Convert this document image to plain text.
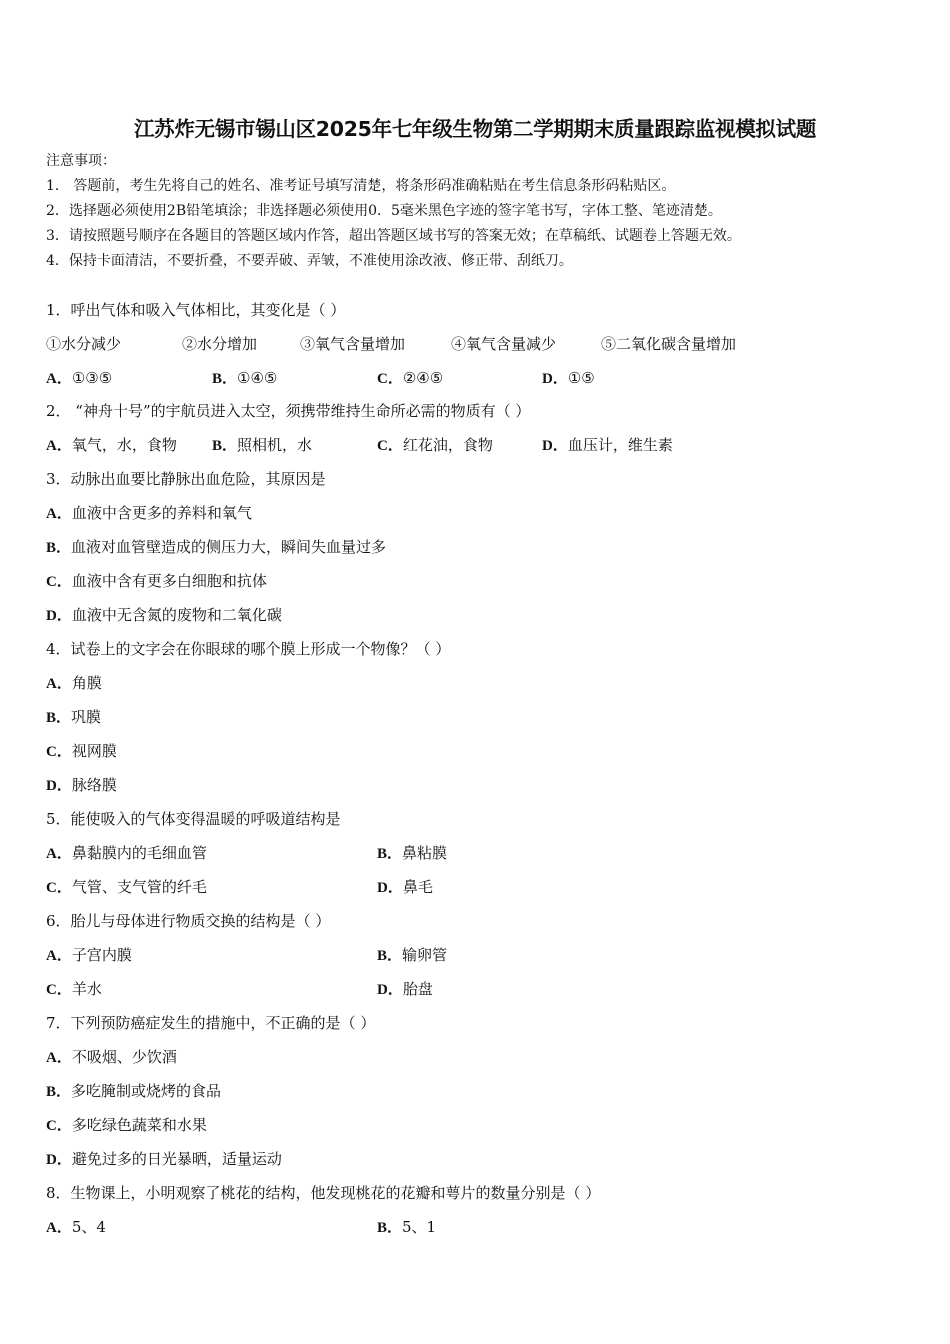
江苏炸无锡市锡山区2025年七年级生物第二学期期末质量跟踪监视模拟试题
注意事项：
1． 答题前，考生先将自己的姓名、准考证号填写清楚，将条形码准确粘贴在考生信息条形码粘贴区。
2．选择题必须使用2B铅笔填涂；非选择题必须使用0．5毫米黑色字迹的签字笔书写，字体工整、笔迹清楚。
3．请按照题号顺序在各题目的答题区域内作答，超出答题区域书写的答案无效；在草稿纸、试题卷上答题无效。
4．保持卡面清洁，不要折叠，不要弄破、弄皱，不准使用涂改液、修正带、刮纸刀。
1．呼出气体和吸入气体相比，其变化是（ ）
①水分减少	②水分增加	③氧气含量增加	④氧气含量减少	⑤二氧化碳含量增加
A．①③⑤	B．①④⑤	C．②④⑤	D．①⑤
2． “神舟十号”的宇航员进入太空，须携带维持生命所必需的物质有（ ）
A．氧气，水，食物 B．照相机，水	C．红花油，食物	D．血压计，维生素
3．动脉出血要比静脉出血危险，其原因是
A．血液中含更多的养料和氧气
B．血液对血管壁造成的侧压力大，瞬间失血量过多
C．血液中含有更多白细胞和抗体
D．血液中无含氮的废物和二氧化碳
4．试卷上的文字会在你眼球的哪个膜上形成一个物像？（ ）
A．角膜
B．巩膜
C．视网膜
D．脉络膜
5．能使吸入的气体变得温暖的呼吸道结构是
A．鼻黏膜内的毛细血管	B．鼻粘膜
C．气管、支气管的纤毛	D．鼻毛
6．胎儿与母体进行物质交换的结构是（ ）
A．子宫内膜	B．输卵管
C．羊水	D．胎盘
7．下列预防癌症发生的措施中，不正确的是（ ）
A．不吸烟、少饮酒
B．多吃腌制或烧烤的食品
C．多吃绿色蔬菜和水果
D．避免过多的日光暴晒，适量运动
8．生物课上，小明观察了桃花的结构，他发现桃花的花瓣和萼片的数量分别是（ ）
A．5、4	B．5、1
